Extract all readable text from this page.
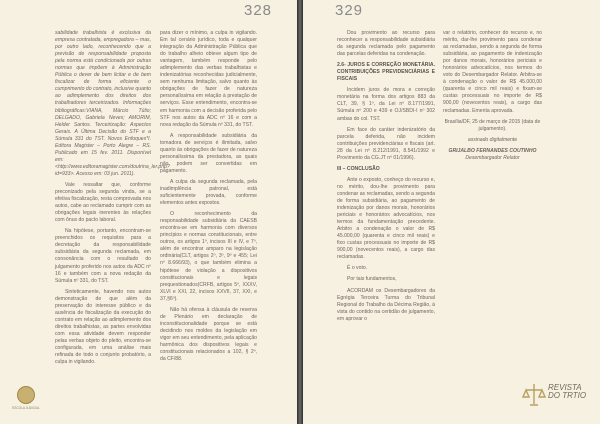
328

sabilidade trabalhista é exclusiva da empresa contratada, empregadora – mas, por outro lado, reconhecendo que a previsão de responsabilidade proposta pela norma está condicionada por outras normas que impõem à Administração Pública o dever de bem licitar e de bem fiscalizar de forma eficiente o cumprimento do contrato, inclusive quanto ao adimplemento dos direitos dos trabalhadores terceirizados. Informações bibliográficas:VIANA, Márcio Túlio; DELGADO, Gabriela Neves; AMORIM, Helder Santos. Terceirização: Aspectos Gerais. A Última Decisão do STF e a Súmula 331 do TST. Novos Enfoques*I. Editora Magister – Porto Alegre – RS. Publicado em 15 fev. 2011. Disponível em: <http://www.editoramagister.com/doutrina_ler.php?id=933>. Acesso em: 03 jun. 2011).

Vale ressaltar que, conforme preconizado pela segunda vinda, se a efetiva fiscalização, resta comprovada nos autos, cabe ao reclamado cumprir com as obrigações legais inerentes às relações com ônus do pacto laboral.

Na hipótese, portanto, encontram-se preenchidos os requisitos para a decretação da responsabilidade subsidiária da segunda reclamada, em consonância com o resultado do julgamento proferido nos autos da ADC nº 16 e também com a nova redação da Súmula nº 331, do TST.

Sinteticamente, havendo nos autos demonstração de que além da preservação do interesse público e da ausência de fiscalização da execução do contrato em relação ao adimplemento dos direitos trabalhistas, as partes envolvidas com essa atividade devem responder pelas verbas objeto do pleito, encontra-se configurada, em uma análise mais refinada de todo o conjunto probatório, a culpa in vigilando.

para dizer o mínimo, a culpa in vigilando. Em tal cenário jurídico, toda e qualquer integração da Administração Pública que do trabalho alheio obteve algum tipo de vantagem, também responde pelo adimplemento das verbas trabalhistas e indenizatórias reconhecidas judicialmente, sem nenhuma limitação, salvo quanto às obrigações de fazer de natureza personalíssima em relação à prestação de serviços. Esse entendimento, encontra-se em harmonia com a decisão proferida pelo STF nos autos da ADC nº 16 e com a nova redação da Súmula nº 331, do TST.

A responsabilidade subsidiária da tomadora de serviços é ilimitada, salvo quanto às obrigações de fazer de natureza personalíssima da prestadora, as quais não podem ser convertidas em pagamento.

A culpa da segunda reclamada, pela inadimplência patronal, está suficientemente provada, conforme elementos antes expostos.

O reconhecimento da responsabilidade subsidiária da CAESB encontra-se em harmonia com diversos princípios e normas constitucionais, entre outros, os artigos 1º, incisos III e IV, e 7º, além de encontrar amparo na legislação ordinária(CLT, artigos 2º, 3º, 9º e 455; Lei nº 8.666/93), o que também elimina a hipótese de violação a dispositivos constitucionais e legais prequestionados(CRFB, artigos 5º, XXXV, XLVI e XXI, 22, incisos XXVII, 37, XXI, e 37,§6º).

Não há ofensa à cláusula de reserva de Plenário em declaração de inconstitucionalidade porque se está decidindo nos moldes da legislação em vigor em seu entendimento, pela aplicação harmônica dos dispositivos legais e constitucionais relacionados a 102, § 2º, da CF/88.

ESCOLA JUDICIAL
329

Dou provimento ao recurso para reconhecer a responsabilidade subsidiária da segunda reclamada pelo pagamento das parcelas deferidas na condenação.

2.6- JUROS E CORREÇÃO MONETÁRIA. CONTRIBUIÇÕES PREVIDENCIÁRIAS E FISCAIS

Incidem juros de mora e correção monetária na forma dos artigos 883 da CLT, 39, § 1º, da Lei nº 8.177/1991, Súmula nº 200 e 439 e OJ/SBDI-I nº 302 ambas do col. TST.

Em face do caráter indenizatório da parcela deferida, não incidem contribuições previdenciárias e fiscais (art. 28 da Lei nº 8.212/1991, 8.541/1992 e Provimento da CG.JT nº 01/1996).

III – CONCLUSÃO

Ante o exposto, conheço do recurso e, no mérito, dou-lhe provimento para condenar as reclamadas, sendo a segunda de forma subsidiária, ao pagamento de indenização por danos morais, honorários periciais e honorários advocatícios, nos termos da fundamentação precedente. Arbitro a condenação o valor de R$ 45.000,00 (quarenta e cinco mil reais) e fixo custas processuais no importe de R$ 900,00 (novecentos reais), a cargo das reclamadas.

É o voto.

Por tais fundamentos,

ACORDAM os Desembargadores da Egrégia Terceira Turma do Tribunal Regional do Trabalho da Décima Região, à vista do contido na certidão de julgamento, em aprovar o

var o relatório, conhecer do recurso e, no mérito, dar-lhe provimento para condenar as reclamadas, sendo a segunda de forma subsidiária, ao pagamento de indenização por danos morais, honorários periciais e honorários advocatícios, nos termos do voto do Desembargador Relator. Arbitra-se à condenação o valor de R$ 45.000,00 (quarenta e cinco mil reais) e fixam-se custas processuais no importe de R$ 900,00 (novecentos reais), a cargo das reclamadas. Ementa aprovada.

Brasília/DF, 25 de março de 2015 (data de julgamento).

assinado digitalmente

GRIJALBO FERNANDES COUTINHO

Desembargador Relator

REVISTA
DO TRTIO
